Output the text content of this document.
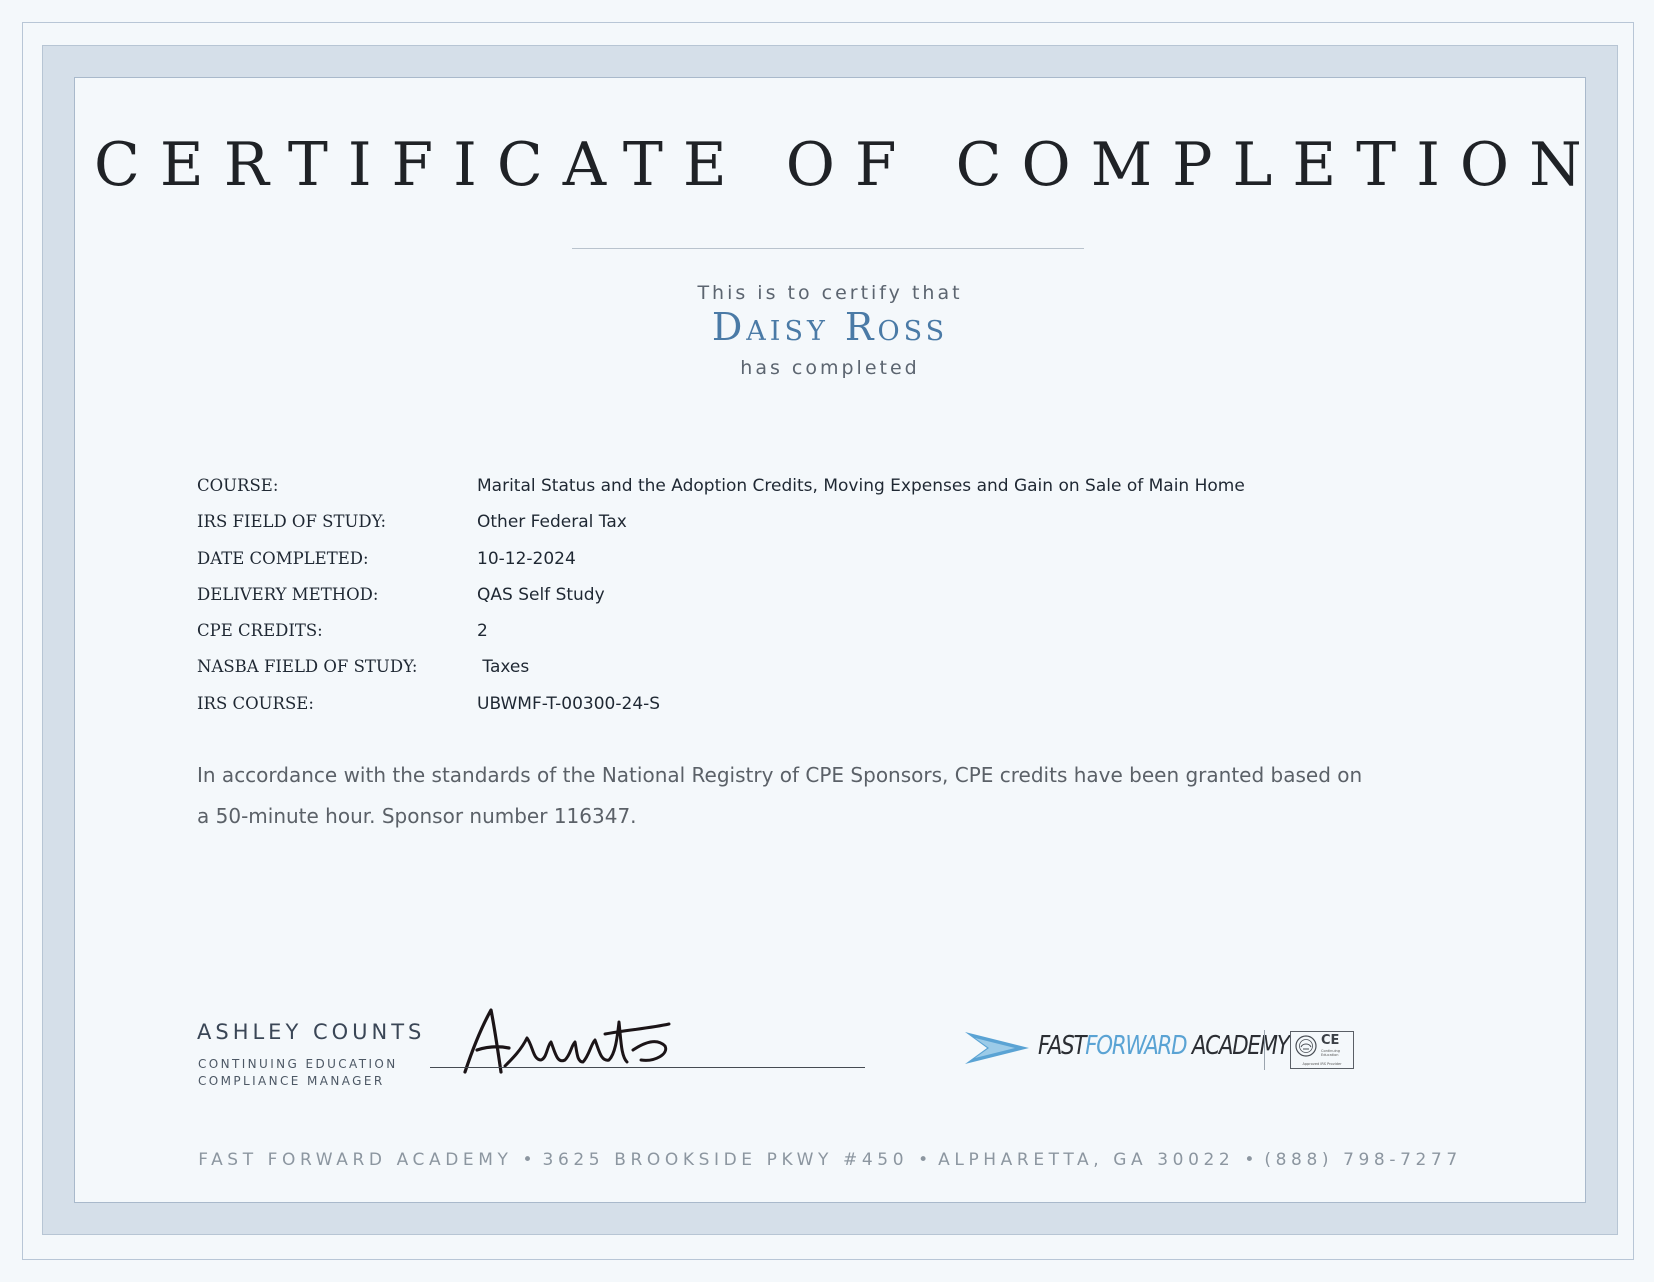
CERTIFICATE OF COMPLETION
This is to certify that
Daisy Ross
has completed
COURSE:	Marital Status and the Adoption Credits, Moving Expenses and Gain on Sale of Main Home
IRS FIELD OF STUDY:	Other Federal Tax
DATE COMPLETED:	10-12-2024
DELIVERY METHOD:	QAS Self Study
CPE CREDITS:	2
NASBA FIELD OF STUDY:	Taxes
IRS COURSE:	UBWMF-T-00300-24-S

In accordance with the standards of the National Registry of CPE Sponsors, CPE credits have been granted based on a 50-minute hour. Sponsor number 116347.

ASHLEY COUNTS
CONTINUING EDUCATION COMPLIANCE MANAGER
FASTFORWARD ACADEMY CE
Continuing Education
Approved IRS Provider
FAST FORWARD ACADEMY • 3625 BROOKSIDE PKWY #450 • ALPHARETTA, GA 30022 • (888) 798-7277
